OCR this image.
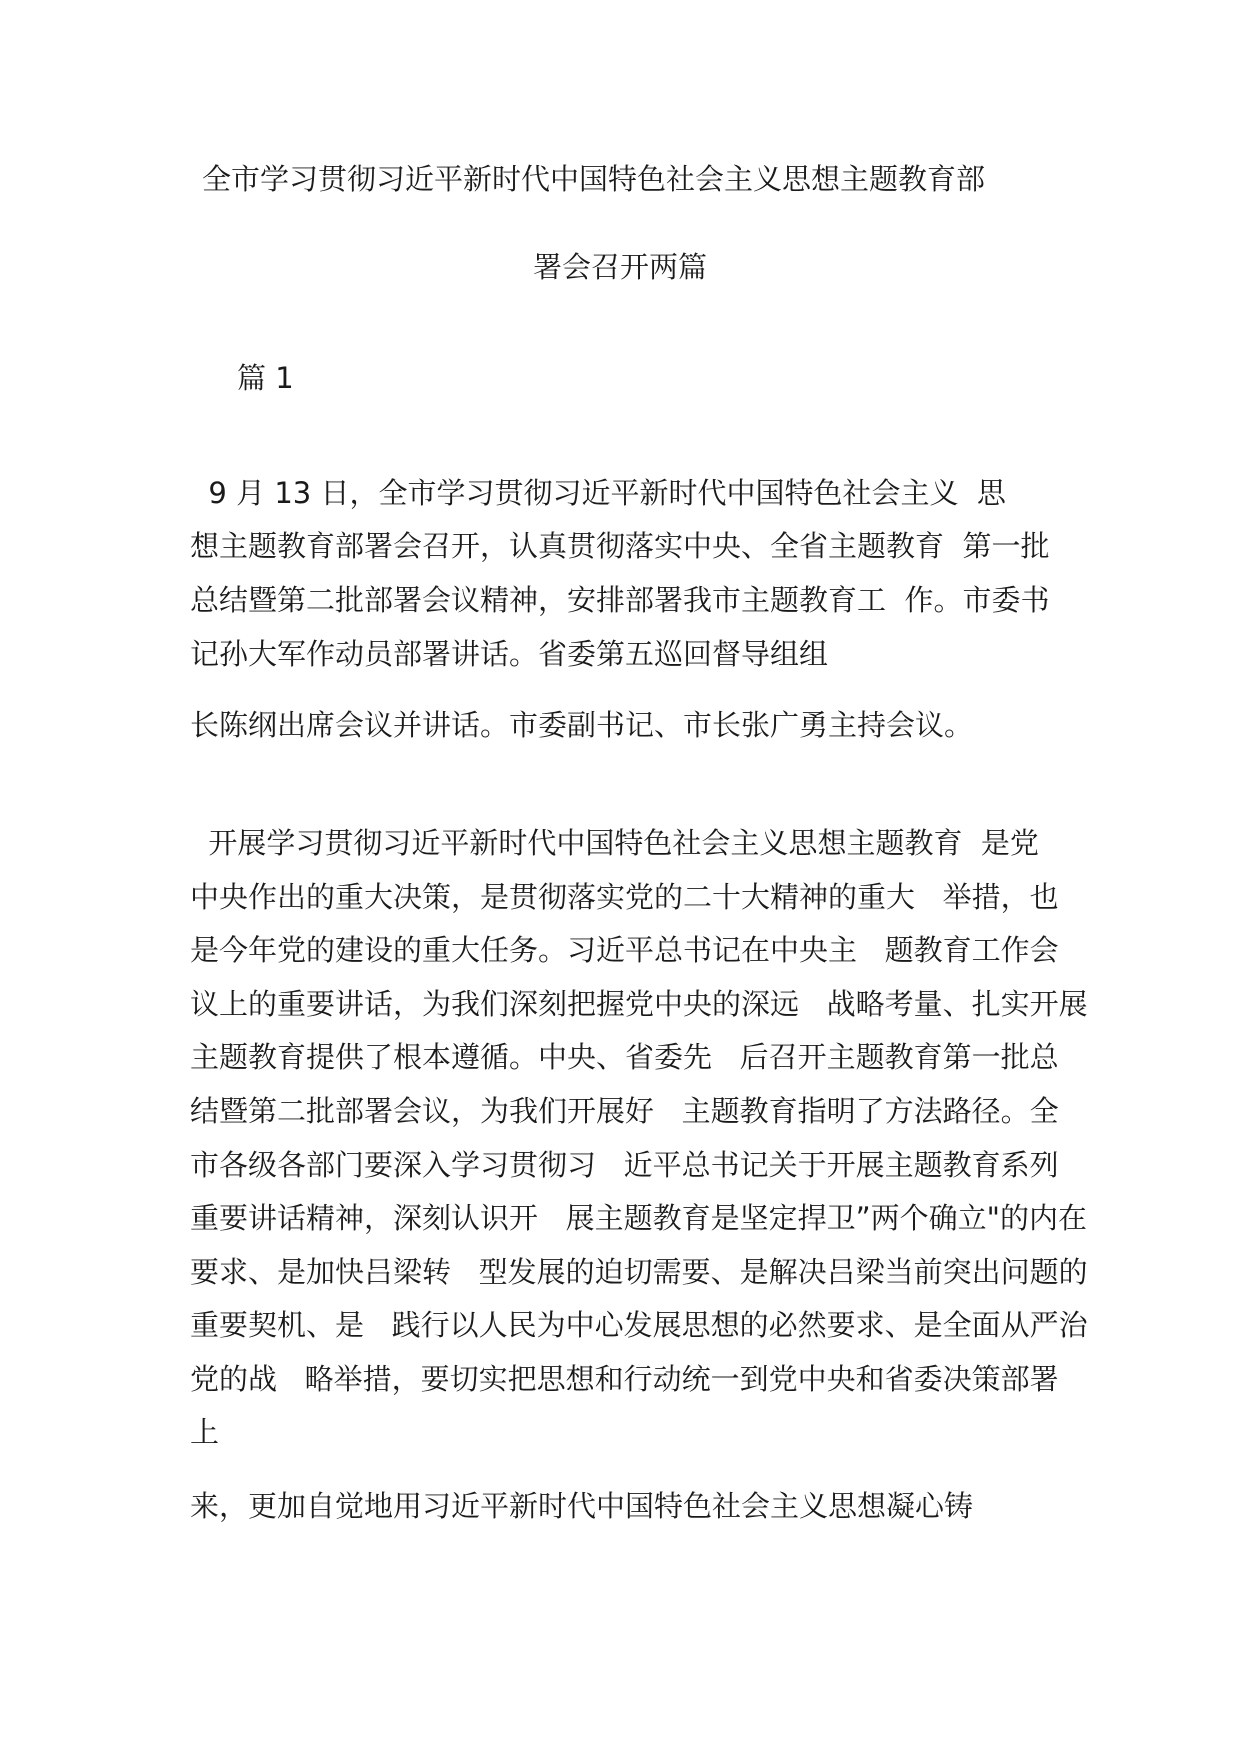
全市学习贯彻习近平新时代中国特色社会主义思想主题教育部
署会召开两篇
篇 1
9 月 13 日，全市学习贯彻习近平新时代中国特色社会主义  思
想主题教育部署会召开，认真贯彻落实中央、全省主题教育  第一批
总结暨第二批部署会议精神，安排部署我市主题教育工  作。市委书
记孙大军作动员部署讲话。省委第五巡回督导组组
长陈纲出席会议并讲话。市委副书记、市长张广勇主持会议。
开展学习贯彻习近平新时代中国特色社会主义思想主题教育  是党
中央作出的重大决策，是贯彻落实党的二十大精神的重大   举措，也
是今年党的建设的重大任务。习近平总书记在中央主   题教育工作会
议上的重要讲话，为我们深刻把握党中央的深远   战略考量、扎实开展
主题教育提供了根本遵循。中央、省委先   后召开主题教育第一批总
结暨第二批部署会议，为我们开展好   主题教育指明了方法路径。全
市各级各部门要深入学习贯彻习   近平总书记关于开展主题教育系列
重要讲话精神，深刻认识开   展主题教育是坚定捍卫”两个确立"的内在
要求、是加快吕梁转   型发展的迫切需要、是解决吕梁当前突出问题的
重要契机、是   践行以人民为中心发展思想的必然要求、是全面从严治
党的战   略举措，要切实把思想和行动统一到党中央和省委决策部署
上
来，更加自觉地用习近平新时代中国特色社会主义思想凝心铸
